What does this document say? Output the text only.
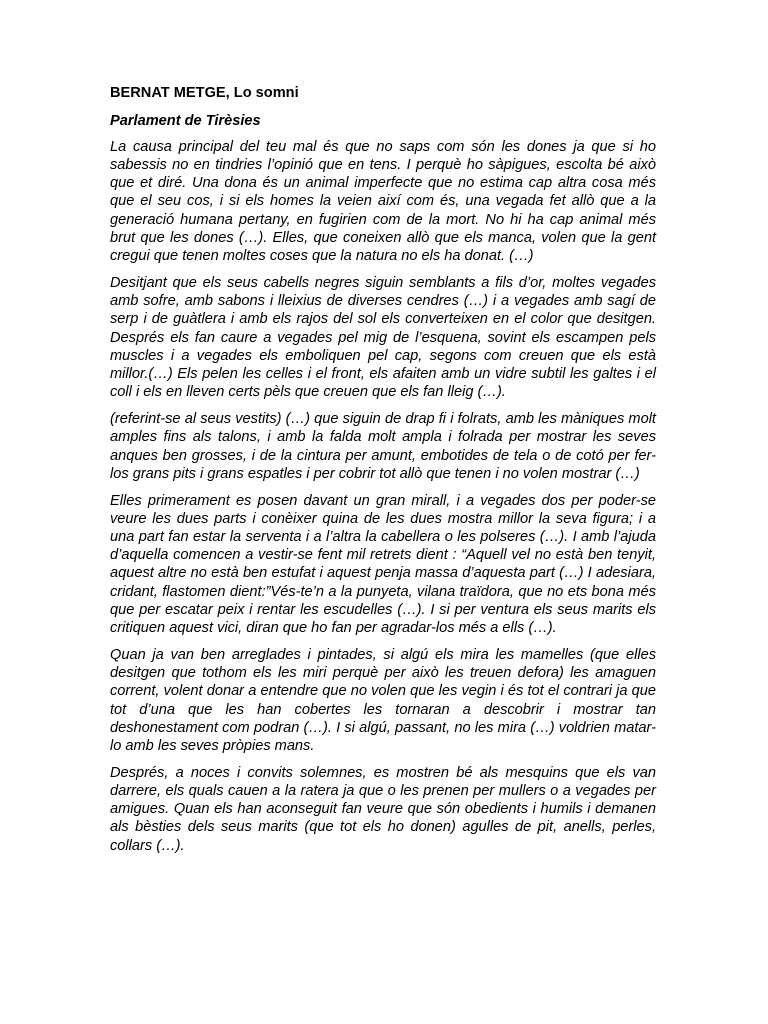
BERNAT METGE, Lo somni
Parlament de Tirèsies

La causa principal del teu mal és que no saps com són les dones ja que si ho sabessis no en tindries l’opinió que en tens. I perquè ho sàpigues, escolta bé això que et diré. Una dona és un animal imperfecte que no estima cap altra cosa més que el seu cos, i si els homes la veien així com és, una vegada fet allò que a la generació humana pertany, en fugirien com de la mort. No hi ha cap animal més brut que les dones (…). Elles, que coneixen allò que els manca, volen que la gent cregui que tenen moltes coses que la natura no els ha donat. (…)

Desitjant que els seus cabells negres siguin semblants a fils d’or, moltes vegades amb sofre, amb sabons i lleixius de diverses cendres (…) i a vegades amb sagí de serp i de guàtlera i amb els rajos del sol els converteixen en el color que desitgen. Després els fan caure a vegades pel mig de l’esquena, sovint els escampen pels muscles i a vegades els emboliquen pel cap, segons com creuen que els està millor.(…) Els pelen les celles i el front, els afaiten amb un vidre subtil les galtes i el coll i els en lleven certs pèls que creuen que els fan lleig (…).

(referint-se al seus vestits) (…) que siguin de drap fi i folrats, amb les màniques molt amples fins als talons, i amb la falda molt ampla i folrada per mostrar les seves anques ben grosses, i de la cintura per amunt, embotides de tela o de cotó per fer-los grans pits i grans espatles i per cobrir tot allò que tenen i no volen mostrar (…)

Elles primerament es posen davant un gran mirall, i a vegades dos per poder-se veure les dues parts i conèixer quina de les dues mostra millor la seva figura; i a una part fan estar la serventa i a l’altra la cabellera o les polseres (…). I amb l’ajuda d’aquella comencen a vestir-se fent mil retrets dient : “Aquell vel no està ben tenyit, aquest altre no està ben estufat i aquest penja massa d’aquesta part (…) I adesiara, cridant, flastomen dient:”Vés-te’n a la punyeta, vilana traïdora, que no ets bona més que per escatar peix i rentar les escudelles (…). I si per ventura els seus marits els critiquen aquest vici, diran que ho fan per agradar-los més a ells (…).

Quan ja van ben arreglades i pintades, si algú els mira les mamelles (que elles desitgen que tothom els les miri perquè per això les treuen defora) les amaguen corrent, volent donar a entendre que no volen que les vegin i és tot el contrari ja que tot d’una que les han cobertes les tornaran a descobrir i mostrar tan deshonestament com podran (…). I si algú, passant, no les mira (…) voldrien matar-lo amb les seves pròpies mans.

Després, a noces i convits solemnes, es mostren bé als mesquins que els van darrere, els quals cauen a la ratera ja que o les prenen per mullers o a vegades per amigues. Quan els han aconseguit fan veure que són obedients i humils i demanen als bèsties dels seus marits (que tot els ho donen) agulles de pit, anells, perles, collars (…).
